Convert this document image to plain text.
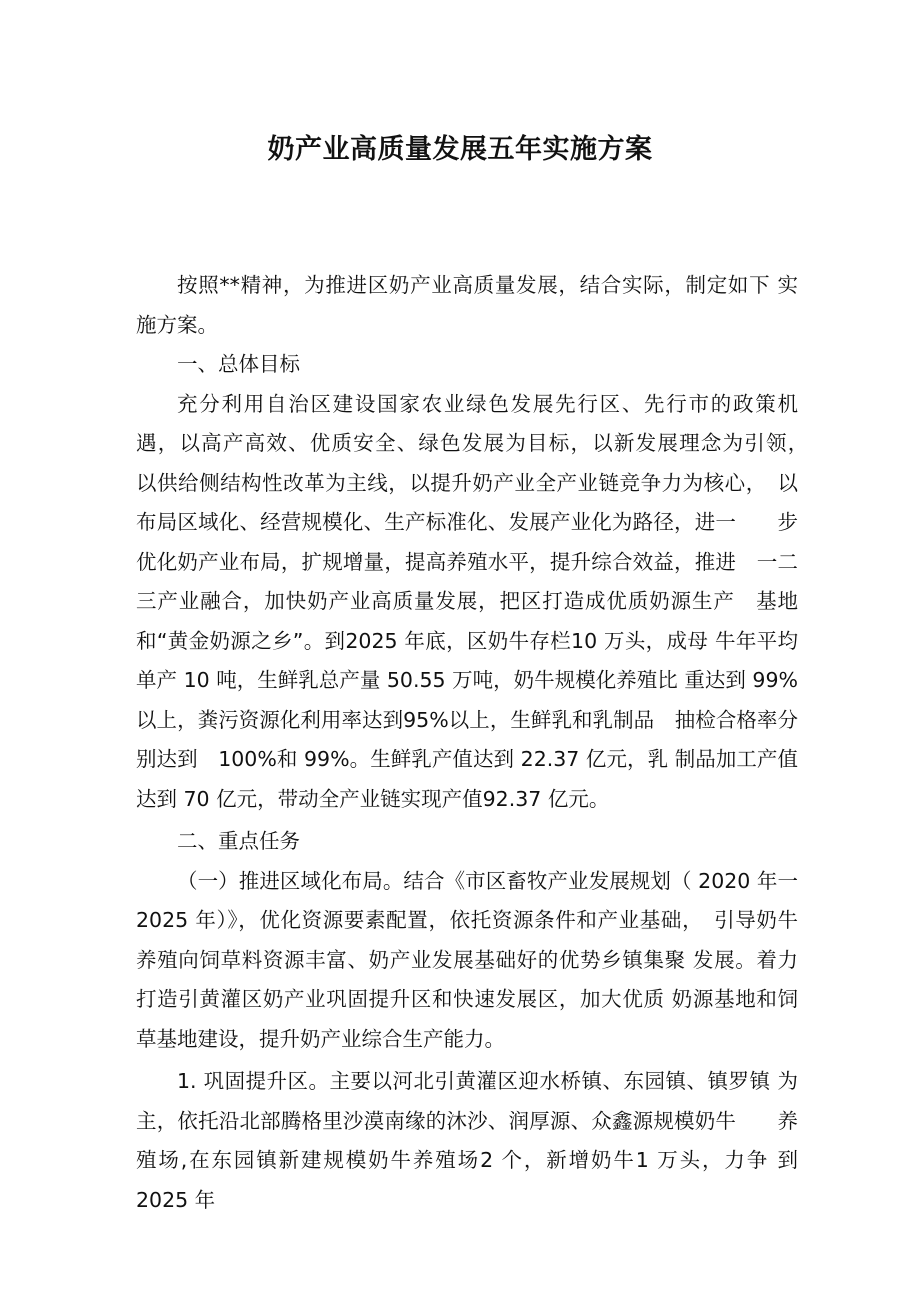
奶产业高质量发展五年实施方案

按照**精神，为推进区奶产业高质量发展，结合实际，制定如下 实施方案。

一、总体目标

充分利用自治区建设国家农业绿色发展先行区、先行市的政策机　遇，以高产高效、优质安全、绿色发展为目标，以新发展理念为引领，　以供给侧结构性改革为主线，以提升奶产业全产业链竞争力为核心，　以布局区域化、经营规模化、生产标准化、发展产业化为路径，进一　　步优化奶产业布局，扩规增量，提高养殖水平，提升综合效益，推进　一二三产业融合，加快奶产业高质量发展，把区打造成优质奶源生产　基地和“黄金奶源之乡”。到2025 年底，区奶牛存栏10 万头，成母 牛年平均单产 10 吨，生鲜乳总产量 50.55 万吨，奶牛规模化养殖比 重达到 99%以上，粪污资源化利用率达到95%以上，生鲜乳和乳制品　抽检合格率分别达到　100%和 99%。生鲜乳产值达到 22.37 亿元，乳 制品加工产值达到 70 亿元，带动全产业链实现产值92.37 亿元。

二、重点任务

（一）推进区域化布局。结合《市区畜牧产业发展规划（ 2020 年一 2025 年）》，优化资源要素配置，依托资源条件和产业基础，　引导奶牛养殖向饲草料资源丰富、奶产业发展基础好的优势乡镇集聚 发展。着力打造引黄灌区奶产业巩固提升区和快速发展区，加大优质 奶源基地和饲草基地建设，提升奶产业综合生产能力。

1. 巩固提升区。主要以河北引黄灌区迎水桥镇、东园镇、镇罗镇 为主，依托沿北部腾格里沙漠南缘的沐沙、润厚源、众鑫源规模奶牛　　养殖场,在东园镇新建规模奶牛养殖场2 个，新增奶牛1 万头，力争 到 2025 年
